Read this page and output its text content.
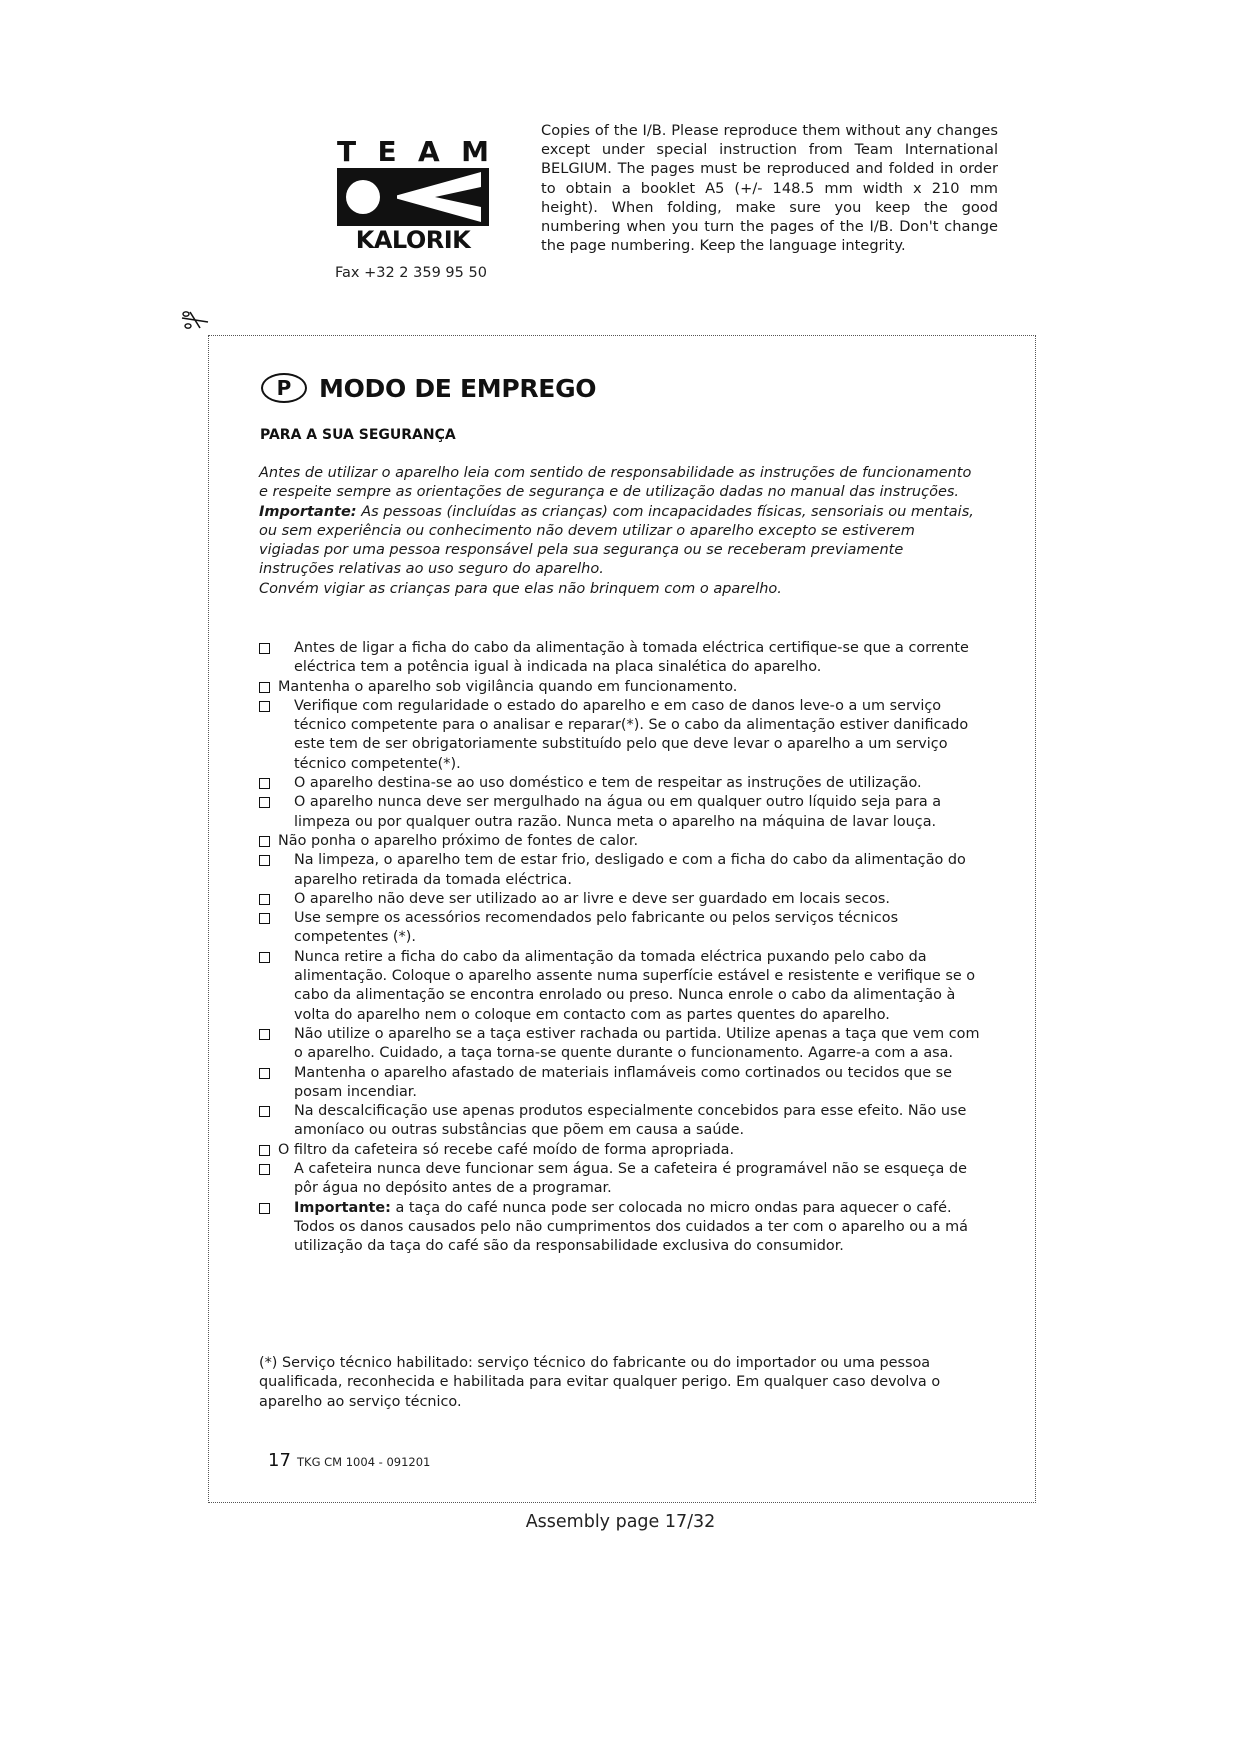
T E A M
KALORIK
Fax +32 2 359 95 50
Copies of the I/B. Please reproduce them without any changes except under special instruction from Team International BELGIUM. The pages must be reproduced and folded in order to obtain a booklet A5 (+/- 148.5 mm width x 210 mm height). When folding, make sure you keep the good numbering when you turn the pages of the I/B. Don't change the page numbering. Keep the language integrity.
P	MODO DE EMPREGO
PARA A SUA SEGURANÇA

Antes de utilizar o aparelho leia com sentido de responsabilidade as instruções de funcionamento e respeite sempre as orientações de segurança e de utilização dadas no manual das instruções.

Importante: As pessoas (incluídas as crianças) com incapacidades físicas, sensoriais ou mentais, ou sem experiência ou conhecimento não devem utilizar o aparelho excepto se estiverem vigiadas por uma pessoa responsável pela sua segurança ou se receberam previamente instruções relativas ao uso seguro do aparelho.

Convém vigiar as crianças para que elas não brinquem com o aparelho.

Antes de ligar a ficha do cabo da alimentação à tomada eléctrica certifique-se que a corrente eléctrica tem a potência igual à indicada na placa sinalética do aparelho.
Mantenha o aparelho sob vigilância quando em funcionamento.
Verifique com regularidade o estado do aparelho e em caso de danos leve-o a um serviço técnico competente para o analisar e reparar(*). Se o cabo da alimentação estiver danificado este tem de ser obrigatoriamente substituído pelo que deve levar o aparelho a um serviço técnico competente(*).
O aparelho destina-se ao uso doméstico e tem de respeitar as instruções de utilização.
O aparelho nunca deve ser mergulhado na água ou em qualquer outro líquido seja para a limpeza ou por qualquer outra razão. Nunca meta o aparelho na máquina de lavar louça.
Não ponha o aparelho próximo de fontes de calor.
Na limpeza, o aparelho tem de estar frio, desligado e com a ficha do cabo da alimentação do aparelho retirada da tomada eléctrica.
O aparelho não deve ser utilizado ao ar livre e deve ser guardado em locais secos.
Use sempre os acessórios recomendados pelo fabricante ou pelos serviços técnicos competentes (*).
Nunca retire a ficha do cabo da alimentação da tomada eléctrica puxando pelo cabo da alimentação. Coloque o aparelho assente numa superfície estável e resistente e verifique se o cabo da alimentação se encontra enrolado ou preso. Nunca enrole o cabo da alimentação à volta do aparelho nem o coloque em contacto com as partes quentes do aparelho.
Não utilize o aparelho se a taça estiver rachada ou partida. Utilize apenas a taça que vem com o aparelho. Cuidado, a taça torna-se quente durante o funcionamento. Agarre-a com a asa.
Mantenha o aparelho afastado de materiais inflamáveis como cortinados ou tecidos que se posam incendiar.
Na descalcificação use apenas produtos especialmente concebidos para esse efeito. Não use amoníaco ou outras substâncias que põem em causa a saúde.
O filtro da cafeteira só recebe café moído de forma apropriada.
A cafeteira nunca deve funcionar sem água. Se a cafeteira é programável não se esqueça de pôr água no depósito antes de a programar.
Importante: a taça do café nunca pode ser colocada no micro ondas para aquecer o café. Todos os danos causados pelo não cumprimentos dos cuidados a ter com o aparelho ou a má utilização da taça do café são da responsabilidade exclusiva do consumidor.
(*) Serviço técnico habilitado: serviço técnico do fabricante ou do importador ou uma pessoa qualificada, reconhecida e habilitada para evitar qualquer perigo. Em qualquer caso devolva o aparelho ao serviço técnico.
17 TKG CM 1004 - 091201
Assembly page 17/32
